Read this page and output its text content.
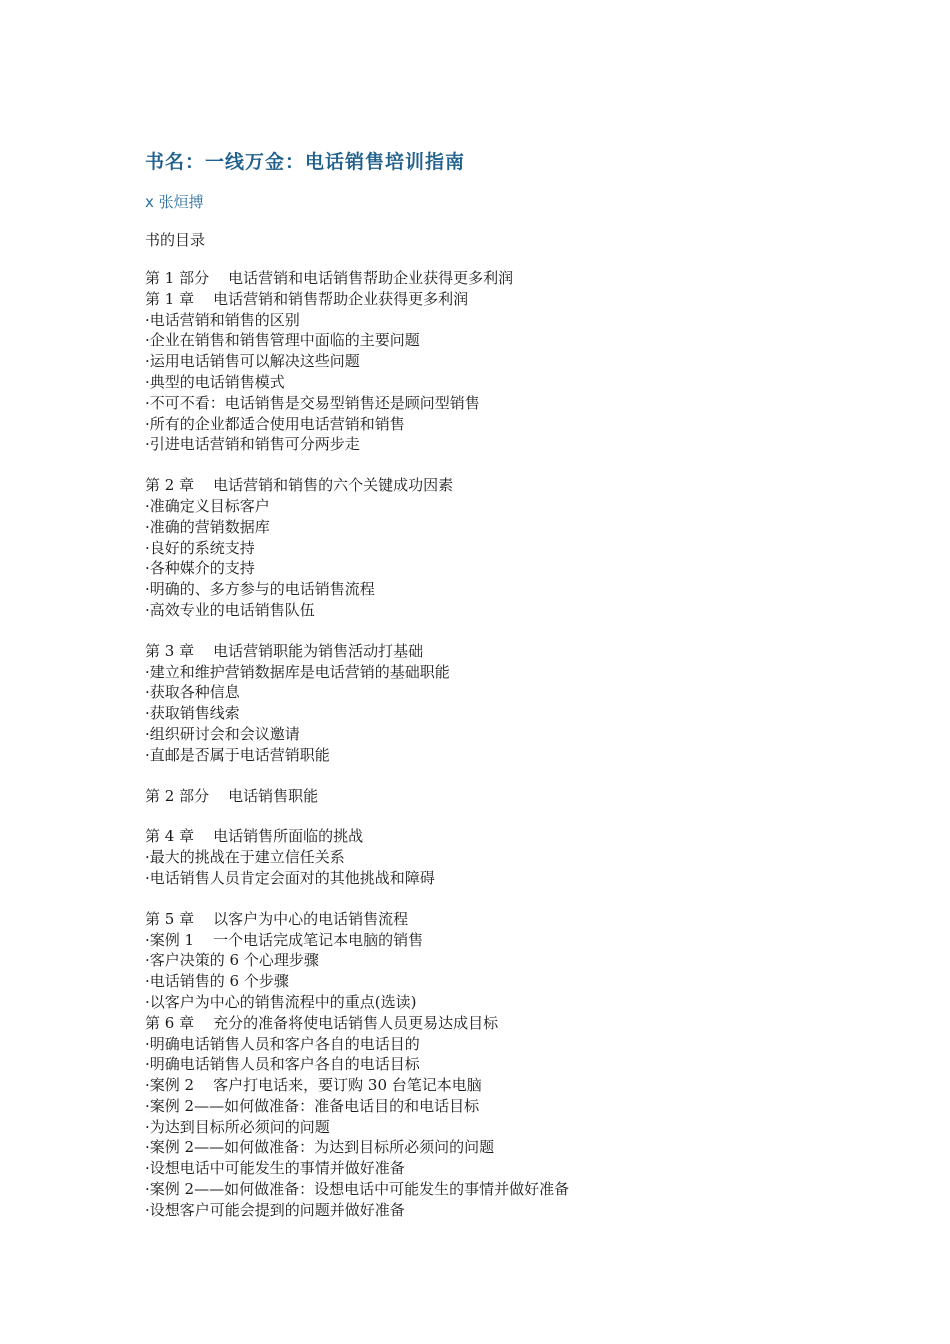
书名：一线万金：电话销售培训指南
x 张烜搏
书的目录
第 1 部分    电话营销和电话销售帮助企业获得更多利润
第 1 章    电话营销和销售帮助企业获得更多利润
·电话营销和销售的区别
·企业在销售和销售管理中面临的主要问题
·运用电话销售可以解决这些问题
·典型的电话销售模式
·不可不看：电话销售是交易型销售还是顾问型销售
·所有的企业都适合使用电话营销和销售
·引进电话营销和销售可分两步走
第 2 章    电话营销和销售的六个关键成功因素
·准确定义目标客户
·准确的营销数据库
·良好的系统支持
·各种媒介的支持
·明确的、多方参与的电话销售流程
·高效专业的电话销售队伍
第 3 章    电话营销职能为销售活动打基础
·建立和维护营销数据库是电话营销的基础职能
·获取各种信息
·获取销售线索
·组织研讨会和会议邀请
·直邮是否属于电话营销职能
第 2 部分    电话销售职能
第 4 章    电话销售所面临的挑战
·最大的挑战在于建立信任关系
·电话销售人员肯定会面对的其他挑战和障碍
第 5 章    以客户为中心的电话销售流程
·案例 1    一个电话完成笔记本电脑的销售
·客户决策的 6 个心理步骤
·电话销售的 6 个步骤
·以客户为中心的销售流程中的重点(选读)
第 6 章    充分的准备将使电话销售人员更易达成目标
·明确电话销售人员和客户各自的电话目的
·明确电话销售人员和客户各自的电话目标
·案例 2    客户打电话来，要订购 30 台笔记本电脑
·案例 2——如何做准备：准备电话目的和电话目标
·为达到目标所必须问的问题
·案例 2——如何做准备：为达到目标所必须问的问题
·设想电话中可能发生的事情并做好准备
·案例 2——如何做准备：设想电话中可能发生的事情并做好准备
·设想客户可能会提到的问题并做好准备
